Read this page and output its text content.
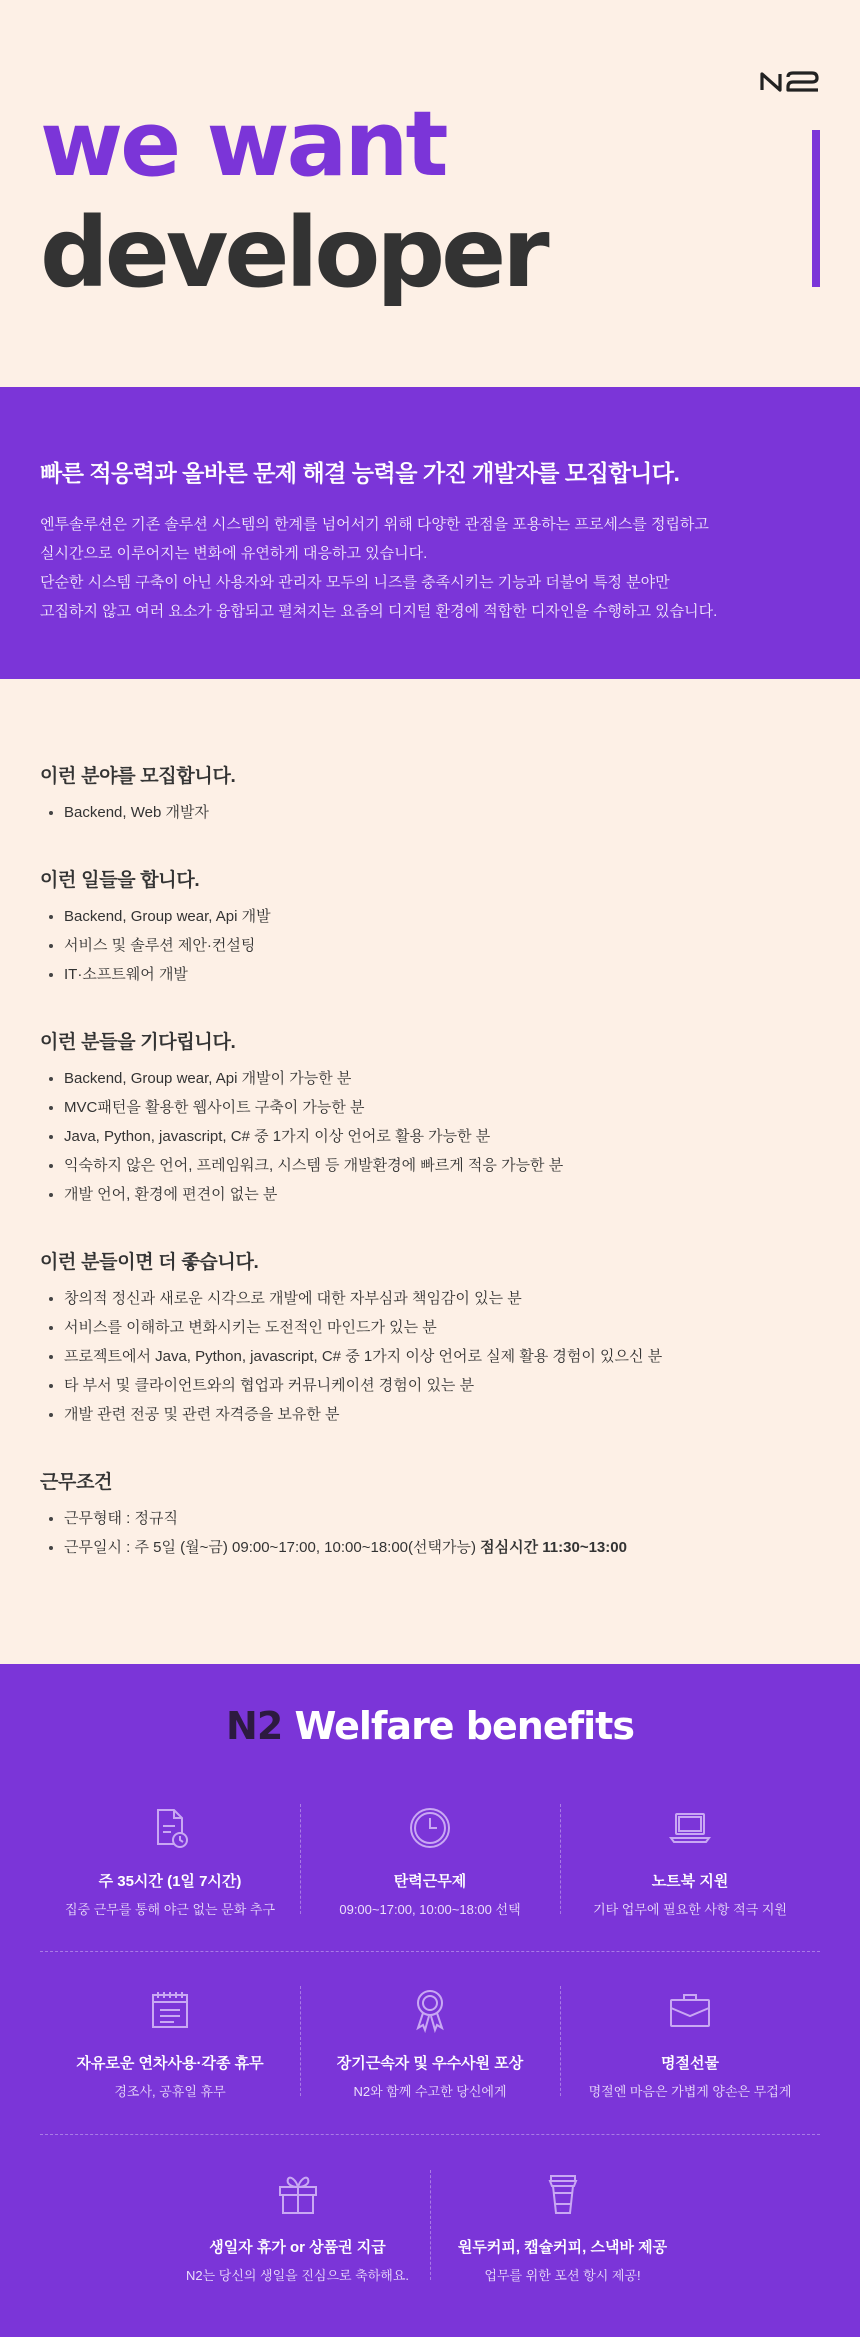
we want
developer
빠른 적응력과 올바른 문제 해결 능력을 가진 개발자를 모집합니다.

엔투솔루션은 기존 솔루션 시스템의 한계를 넘어서기 위해 다양한 관점을 포용하는 프로세스를 정립하고

실시간으로 이루어지는 변화에 유연하게 대응하고 있습니다.

단순한 시스템 구축이 아닌 사용자와 관리자 모두의 니즈를 충족시키는 기능과 더불어 특정 분야만

고집하지 않고 여러 요소가 융합되고 펼쳐지는 요즘의 디지털 환경에 적합한 디자인을 수행하고 있습니다.

이런 분야를 모집합니다.
Backend, Web 개발자
이런 일들을 합니다.
Backend, Group wear, Api 개발
서비스 및 솔루션 제안·컨설팅
IT·소프트웨어 개발
이런 분들을 기다립니다.
Backend, Group wear, Api 개발이 가능한 분
MVC패턴을 활용한 웹사이트 구축이 가능한 분
Java, Python, javascript, C# 중 1가지 이상 언어로 활용 가능한 분
익숙하지 않은 언어, 프레임워크, 시스템 등 개발환경에 빠르게 적응 가능한 분
개발 언어, 환경에 편견이 없는 분
이런 분들이면 더 좋습니다.
창의적 정신과 새로운 시각으로 개발에 대한 자부심과 책임감이 있는 분
서비스를 이해하고 변화시키는 도전적인 마인드가 있는 분
프로젝트에서 Java, Python, javascript, C# 중 1가지 이상 언어로 실제 활용 경험이 있으신 분
타 부서 및 클라이언트와의 협업과 커뮤니케이션 경험이 있는 분
개발 관련 전공 및 관련 자격증을 보유한 분
근무조건
근무형태 : 정규직
근무일시 : 주 5일 (월~금) 09:00~17:00, 10:00~18:00(선택가능) 점심시간 11:30~13:00
N2 Welfare benefits
주 35시간 (1일 7시간)
집중 근무를 통해 야근 없는 문화 추구
탄력근무제
09:00~17:00, 10:00~18:00 선택
노트북 지원
기타 업무에 필요한 사항 적극 지원
자유로운 연차사용·각종 휴무
경조사, 공휴일 휴무
장기근속자 및 우수사원 포상
N2와 함께 수고한 당신에게
명절선물
명절엔 마음은 가볍게 양손은 무겁게
생일자 휴가 or 상품권 지급
N2는 당신의 생일을 진심으로 축하해요.
원두커피, 캡슐커피, 스낵바 제공
업무를 위한 포션 항시 제공!
